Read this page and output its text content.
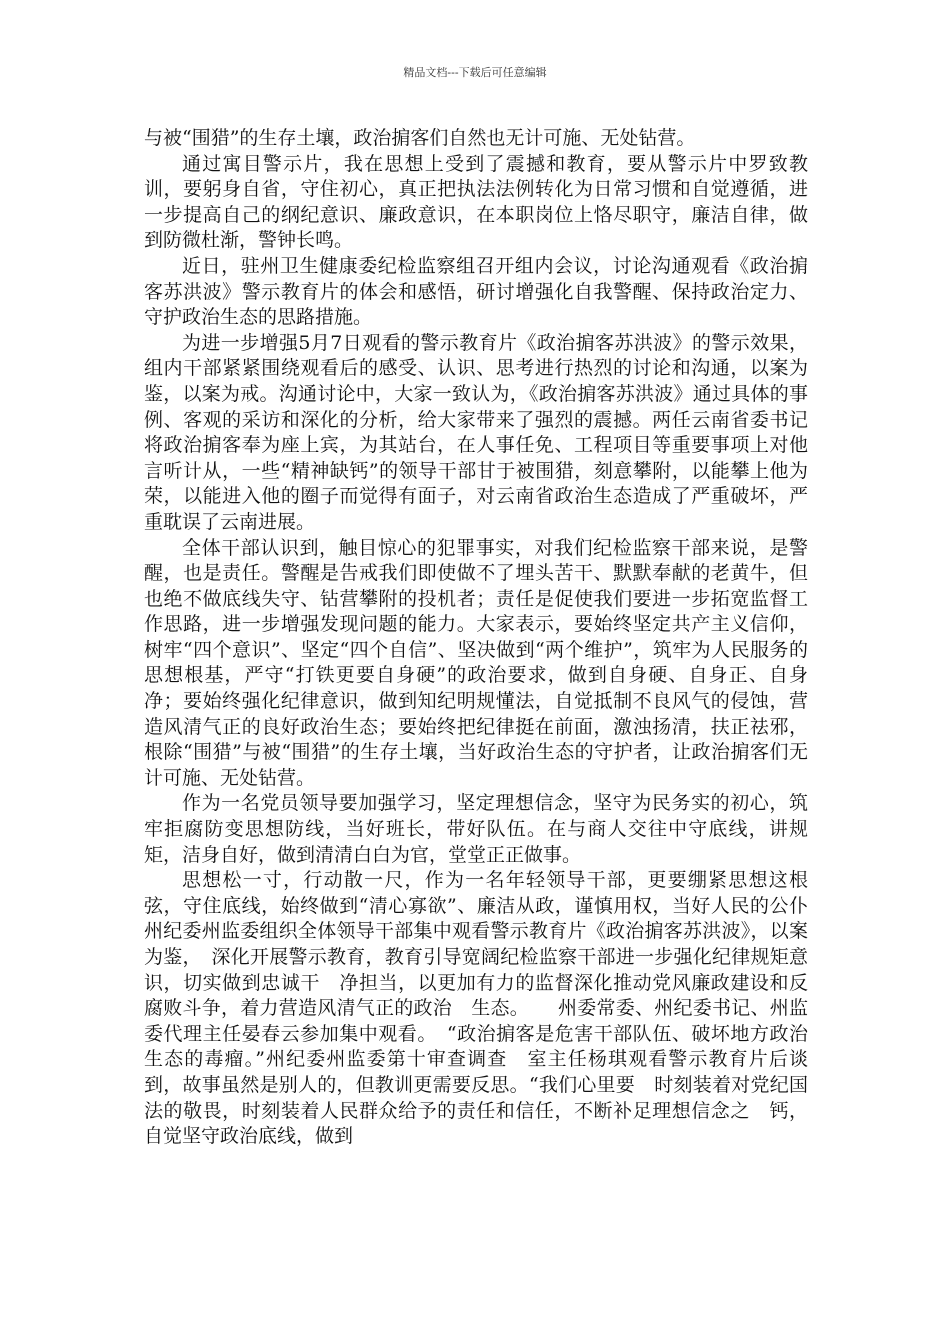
精品文档---下载后可任意编辑

与被“围猎”的生存土壤，政治掮客们自然也无计可施、无处钻营。

通过寓目警示片，我在思想上受到了震撼和教育，要从警示片中罗致教训，要躬身自省，守住初心，真正把执法法例转化为日常习惯和自觉遵循，进一步提高自己的纲纪意识、廉政意识，在本职岗位上恪尽职守，廉洁自律，做到防微杜渐，警钟长鸣。

近日，驻州卫生健康委纪检监察组召开组内会议，讨论沟通观看《政治掮客苏洪波》警示教育片的体会和感悟，研讨增强化自我警醒、保持政治定力、守护政治生态的思路措施。

为进一步增强5月7日观看的警示教育片《政治掮客苏洪波》的警示效果，组内干部紧紧围绕观看后的感受、认识、思考进行热烈的讨论和沟通，以案为鉴，以案为戒。沟通讨论中，大家一致认为，《政治掮客苏洪波》通过具体的事例、客观的采访和深化的分析，给大家带来了强烈的震撼。两任云南省委书记将政治掮客奉为座上宾，为其站台，在人事任免、工程项目等重要事项上对他言听计从，一些“精神缺钙”的领导干部甘于被围猎，刻意攀附，以能攀上他为荣，以能进入他的圈子而觉得有面子，对云南省政治生态造成了严重破坏，严重耽误了云南进展。

全体干部认识到，触目惊心的犯罪事实，对我们纪检监察干部来说，是警醒，也是责任。警醒是告戒我们即使做不了埋头苦干、默默奉献的老黄牛，但也绝不做底线失守、钻营攀附的投机者；责任是促使我们要进一步拓宽监督工作思路，进一步增强发现问题的能力。大家表示，要始终坚定共产主义信仰，树牢“四个意识”、坚定“四个自信”、坚决做到“两个维护”，筑牢为人民服务的思想根基，严守“打铁更要自身硬”的政治要求，做到自身硬、自身正、自身净；要始终强化纪律意识，做到知纪明规懂法，自觉抵制不良风气的侵蚀，营造风清气正的良好政治生态；要始终把纪律挺在前面，激浊扬清，扶正祛邪，根除“围猎”与被“围猎”的生存土壤，当好政治生态的守护者，让政治掮客们无计可施、无处钻营。

作为一名党员领导要加强学习，坚定理想信念，坚守为民务实的初心，筑牢拒腐防变思想防线，当好班长，带好队伍。在与商人交往中守底线，讲规矩，洁身自好，做到清清白白为官，堂堂正正做事。

思想松一寸，行动散一尺，作为一名年轻领导干部，更要绷紧思想这根弦，守住底线，始终做到“清心寡欲”、廉洁从政，谨慎用权，当好人民的公仆　　州纪委州监委组织全体领导干部集中观看警示教育片《政治掮客苏洪波》，以案为鉴，　深化开展警示教育，教育引导宽阔纪检监察干部进一步强化纪律规矩意识，切实做到忠诚干　净担当，以更加有力的监督深化推动党风廉政建设和反腐败斗争，着力营造风清气正的政治　生态。　　州委常委、州纪委书记、州监委代理主任晏春云参加集中观看。　“政治掮客是危害干部队伍、破坏地方政治生态的毒瘤。”州纪委州监委第十审查调查　室主任杨琪观看警示教育片后谈到，故事虽然是别人的，但教训更需要反思。“我们心里要　时刻装着对党纪国法的敬畏，时刻装着人民群众给予的责任和信任，不断补足理想信念之　钙，自觉坚守政治底线，做到
